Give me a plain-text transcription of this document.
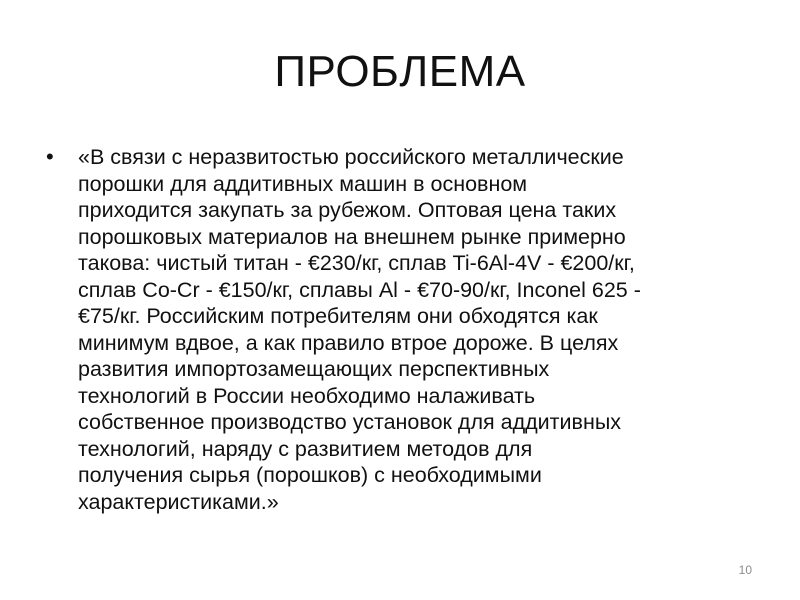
ПРОБЛЕМА
• «В связи с неразвитостью российского металлические
порошки для аддитивных машин в основном
приходится закупать за рубежом. Оптовая цена таких
порошковых материалов на внешнем рынке примерно
такова: чистый титан - €230/кг, сплав Ti-6Al-4V - €200/кг,
сплав Co-Cr - €150/кг, сплавы Al - €70-90/кг, Inconel 625 -
€75/кг. Российским потребителям они обходятся как
минимум вдвое, а как правило втрое дороже. В целях
развития импортозамещающих перспективных
технологий в России необходимо налаживать
собственное производство установок для аддитивных
технологий, наряду с развитием методов для
получения сырья (порошков) с необходимыми
характеристиками.»
10
